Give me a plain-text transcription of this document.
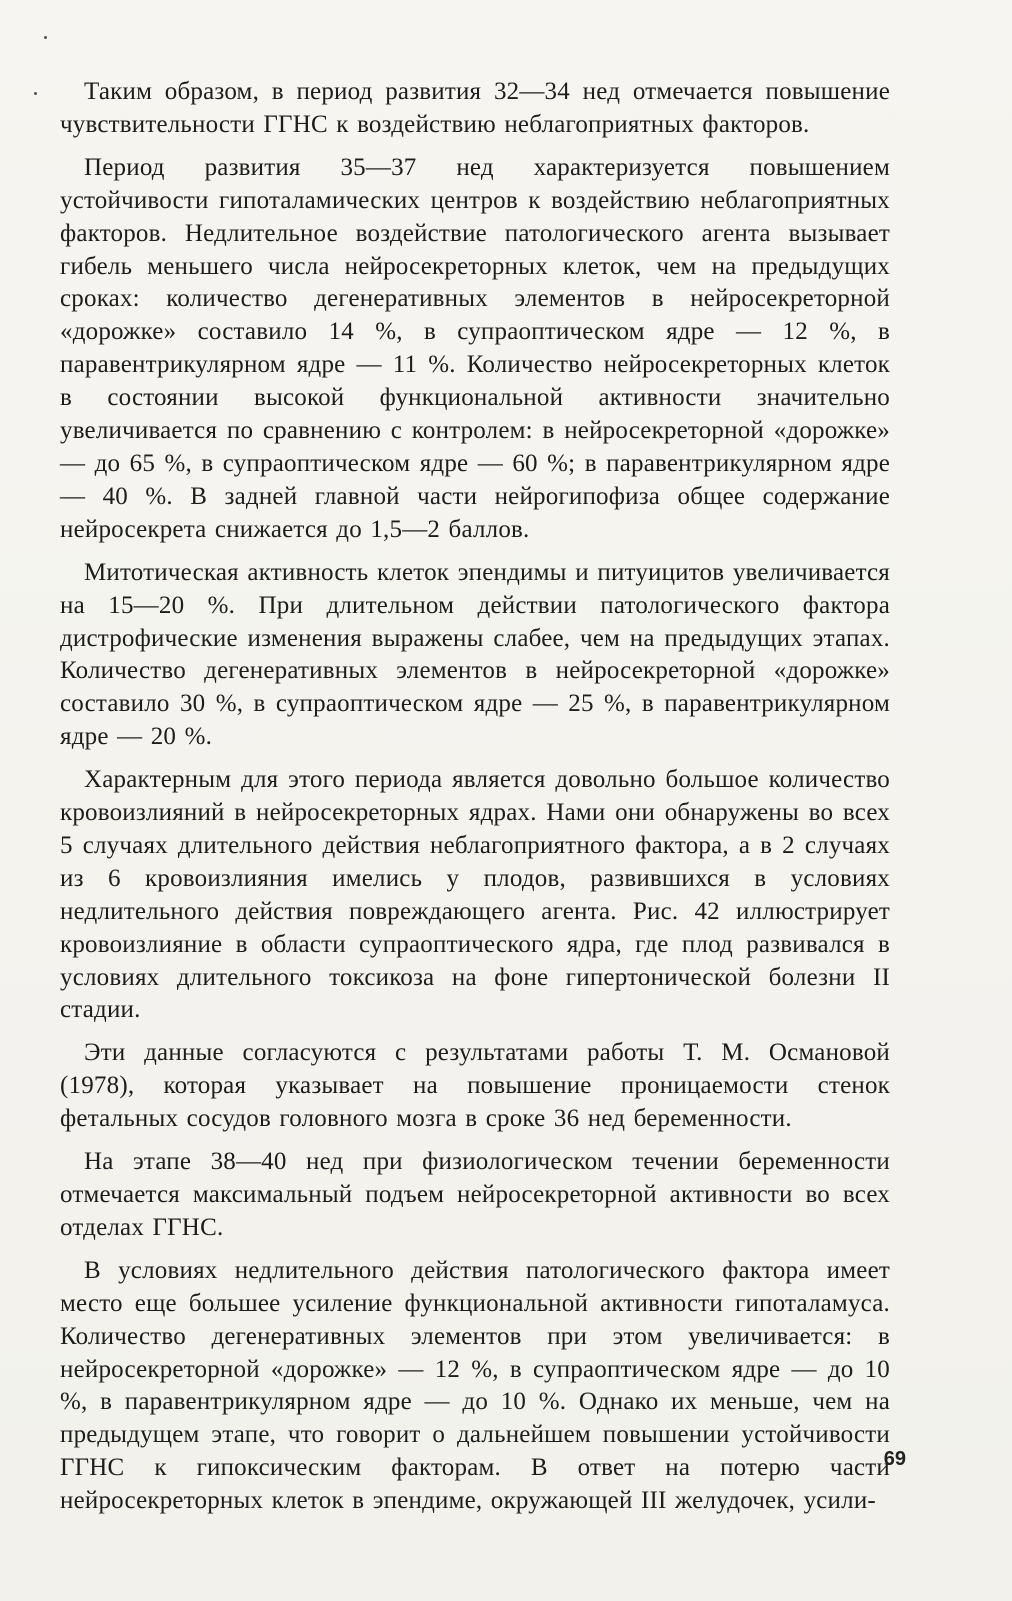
Таким образом, в период развития 32—34 нед отмечается повышение чувствительности ГГНС к воздействию неблагоприятных факторов.

Период развития 35—37 нед характеризуется повышением устойчивости гипоталамических центров к воздействию неблагоприятных факторов. Недлительное воздействие патологического агента вызывает гибель меньшего числа нейросекреторных клеток, чем на предыдущих сроках: количество дегенеративных элементов в нейросекреторной «дорожке» составило 14 %, в супраоптическом ядре — 12 %, в паравентрикулярном ядре — 11 %. Количество нейросекреторных клеток в состоянии высокой функциональной активности значительно увеличивается по сравнению с контролем: в нейросекреторной «дорожке» — до 65 %, в супраоптическом ядре — 60 %; в паравентрикулярном ядре — 40 %. В задней главной части нейрогипофиза общее содержание нейросекрета снижается до 1,5—2 баллов.

Митотическая активность клеток эпендимы и питуицитов увеличивается на 15—20 %. При длительном действии патологического фактора дистрофические изменения выражены слабее, чем на предыдущих этапах. Количество дегенеративных элементов в нейросекреторной «дорожке» составило 30 %, в супраоптическом ядре — 25 %, в паравентрикулярном ядре — 20 %.

Характерным для этого периода является довольно большое количество кровоизлияний в нейросекреторных ядрах. Нами они обнаружены во всех 5 случаях длительного действия неблагоприятного фактора, а в 2 случаях из 6 кровоизлияния имелись у плодов, развившихся в условиях недлительного действия повреждающего агента. Рис. 42 иллюстрирует кровоизлияние в области супраоптического ядра, где плод развивался в условиях длительного токсикоза на фоне гипертонической болезни II стадии.

Эти данные согласуются с результатами работы Т. М. Османовой (1978), которая указывает на повышение проницаемости стенок фетальных сосудов головного мозга в сроке 36 нед беременности.

На этапе 38—40 нед при физиологическом течении беременности отмечается максимальный подъем нейросекреторной активности во всех отделах ГГНС.

В условиях недлительного действия патологического фактора имеет место еще большее усиление функциональной активности гипоталамуса. Количество дегенеративных элементов при этом увеличивается: в нейросекреторной «дорожке» — 12 %, в супраоптическом ядре — до 10 %, в паравентрикулярном ядре — до 10 %. Однако их меньше, чем на предыдущем этапе, что говорит о дальнейшем повышении устойчивости ГГНС к гипоксическим факторам. В ответ на потерю части нейросекреторных клеток в эпендиме, окружающей III желудочек, усили-

69
